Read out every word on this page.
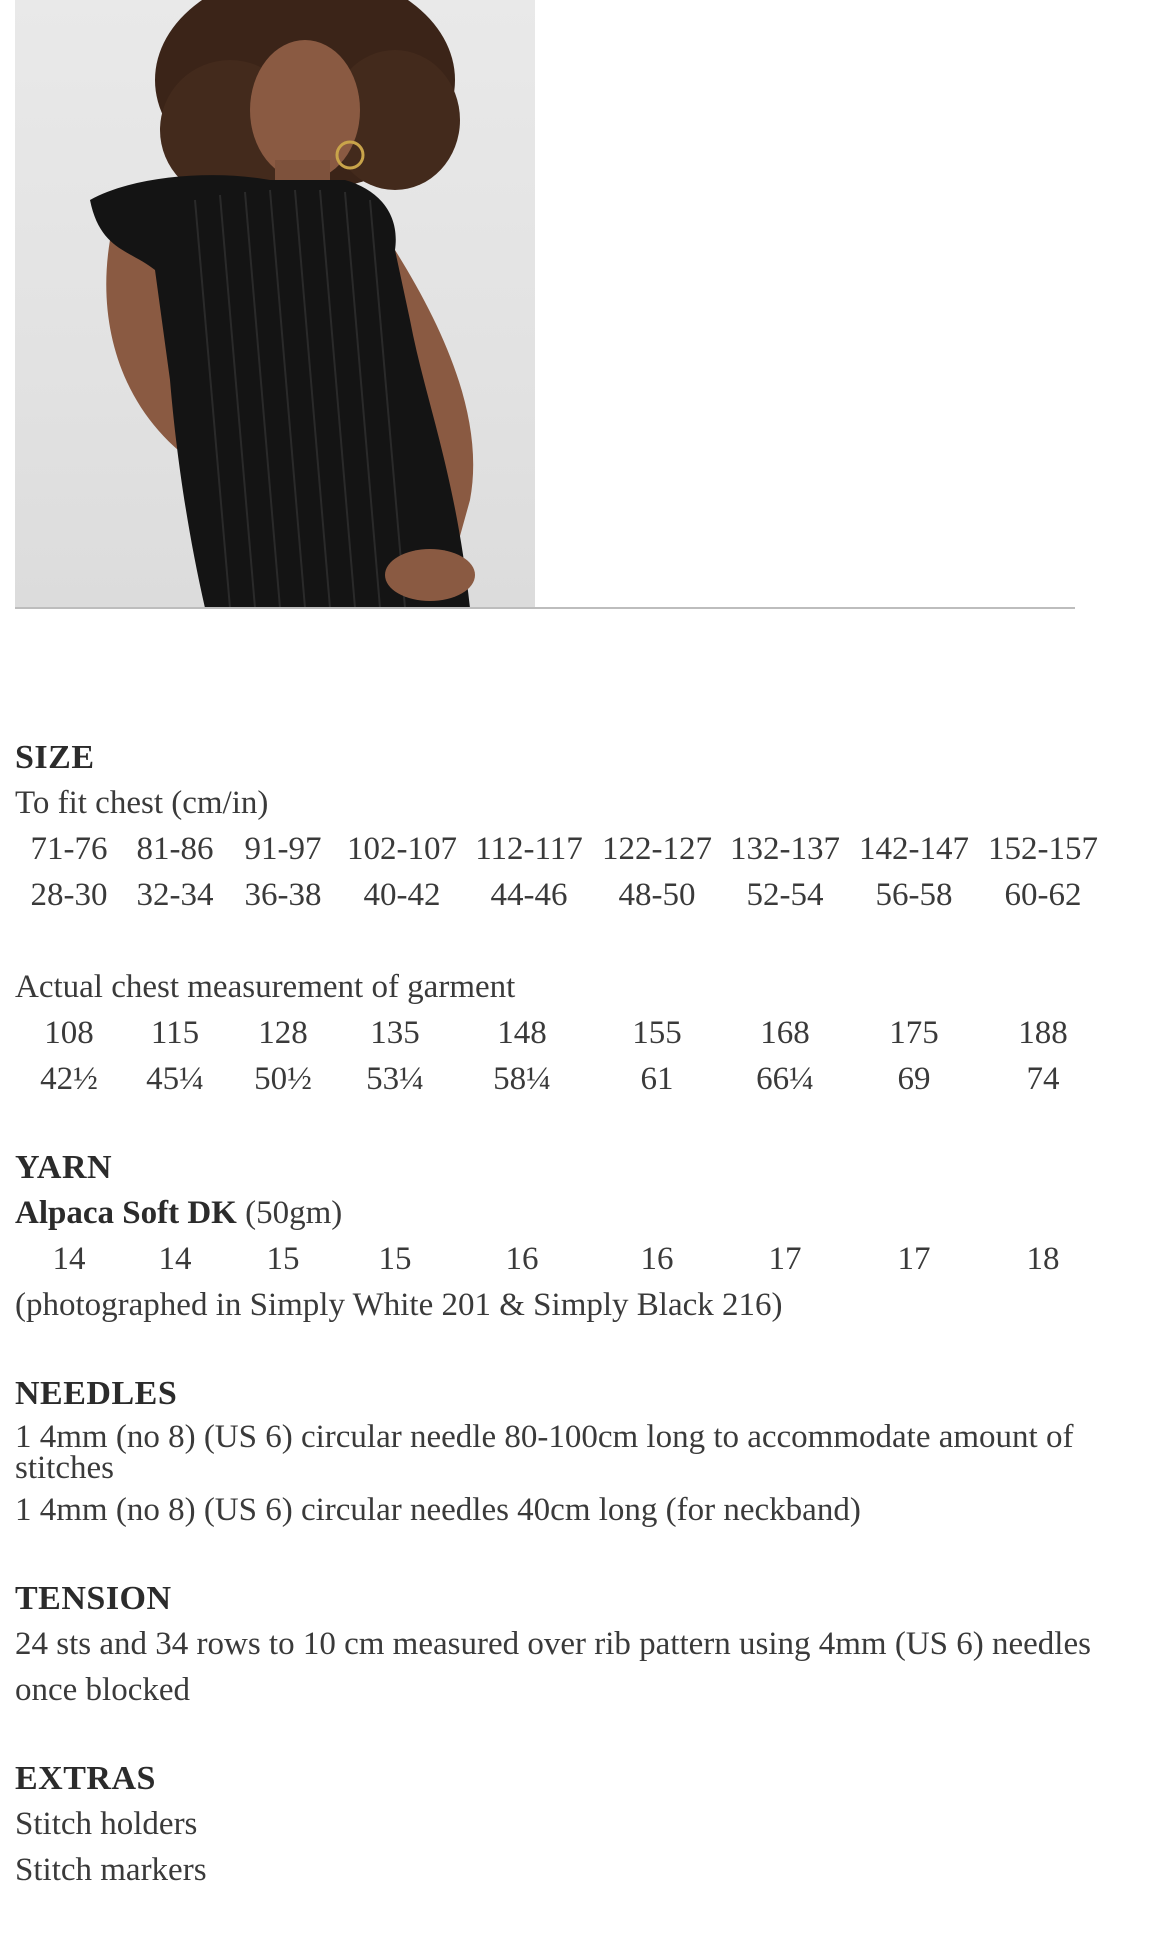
SIZE

To fit chest (cm/in)

71-76 81-86 91-97 102-107 112-117 122-127 132-137 142-147 152-157
28-30 32-34 36-38	40-42	44-46	48-50	52-54	56-58	60-62

Actual chest measurement of garment

108	115	128	135	148	155	168	175	188
42½	45¼	50½	53¼	58¼	61	66¼	69	74

YARN

Alpaca Soft DK (50gm)

14	14	15	15	16	16	17	17	18

(photographed in Simply White 201 & Simply Black 216)

NEEDLES

1 4mm (no 8) (US 6) circular needle 80-100cm long to accommodate amount of stitches

1 4mm (no 8) (US 6) circular needles 40cm long (for neckband)

TENSION

24 sts and 34 rows to 10 cm measured over rib pattern using 4mm (US 6) needles once blocked

EXTRAS

Stitch holders

Stitch markers
